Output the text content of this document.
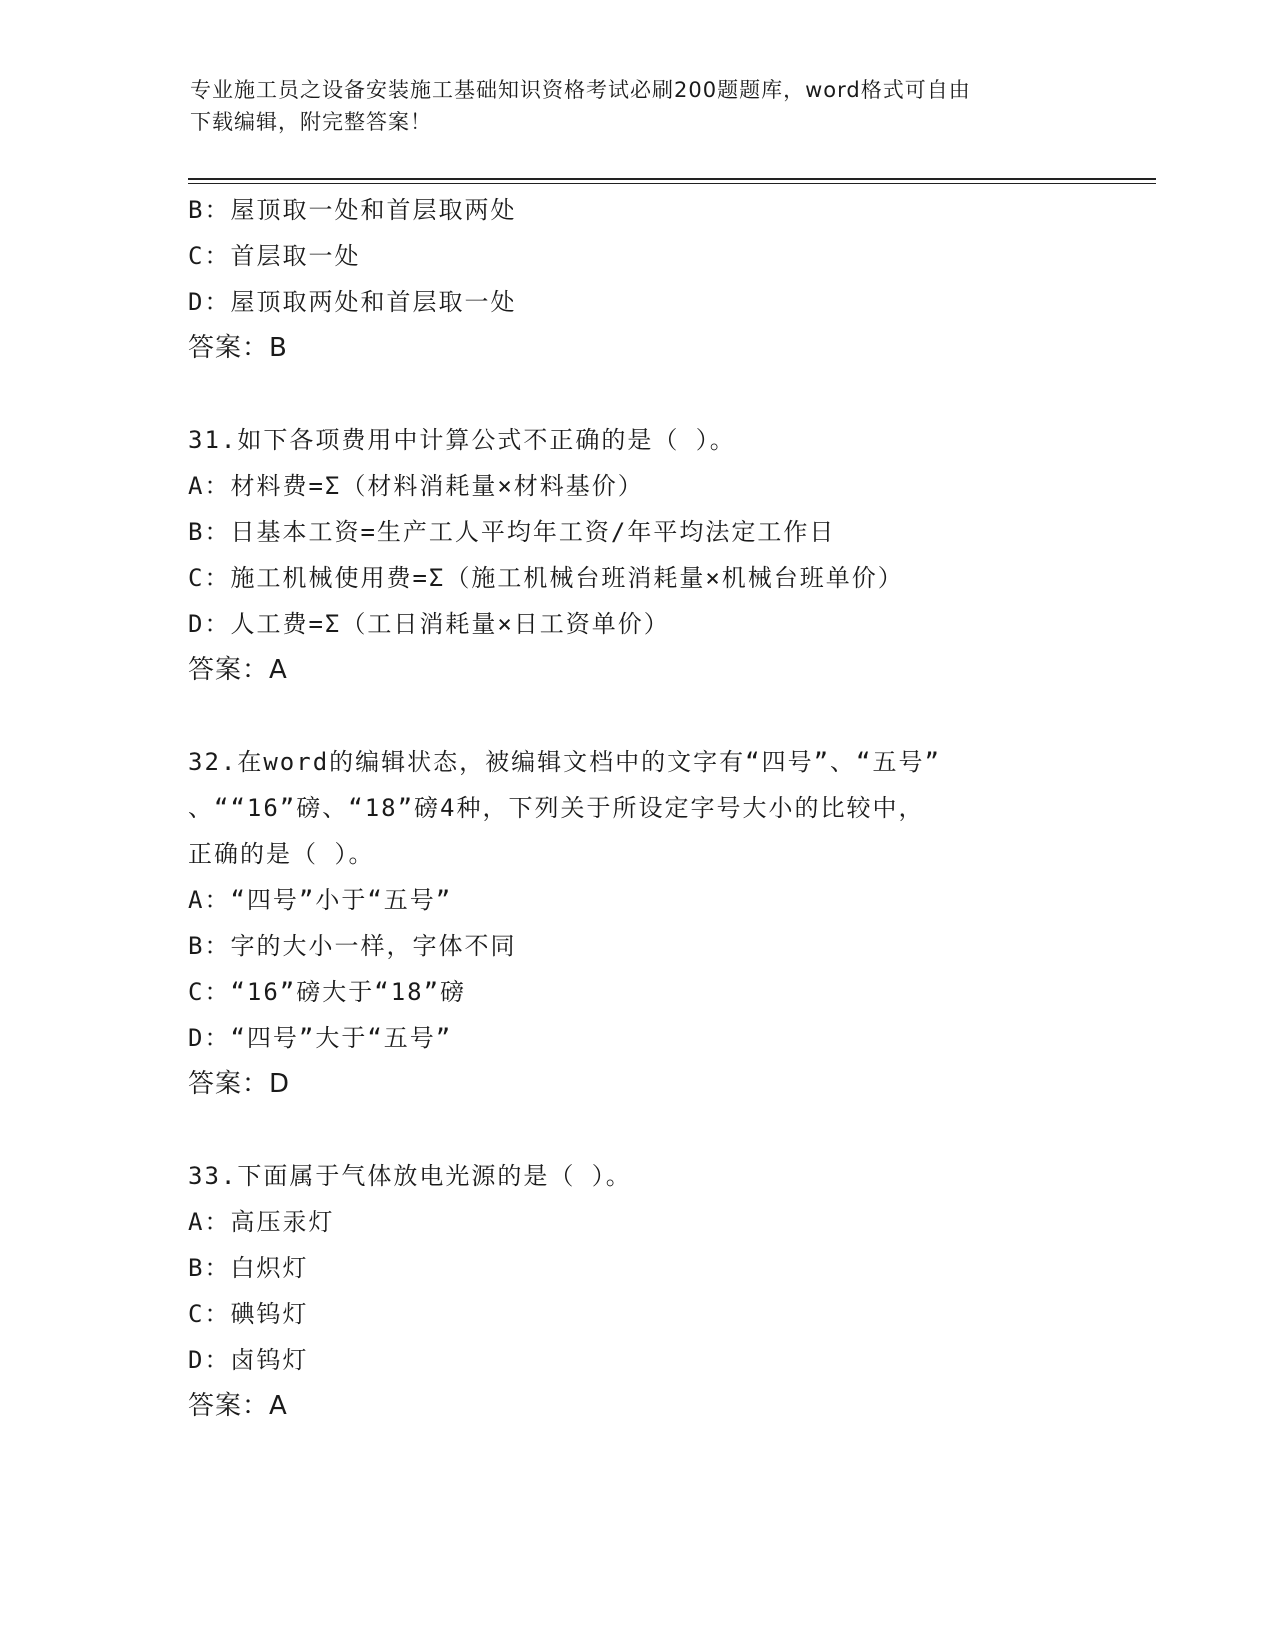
专业施工员之设备安装施工基础知识资格考试必刷200题题库，word格式可自由
下载编辑，附完整答案！
B：屋顶取一处和首层取两处
C：首层取一处
D：屋顶取两处和首层取一处
答案：B
31.如下各项费用中计算公式不正确的是（ ）。
A：材料费=Σ（材料消耗量×材料基价）
B：日基本工资=生产工人平均年工资/年平均法定工作日
C：施工机械使用费=Σ（施工机械台班消耗量×机械台班单价）
D：人工费=Σ（工日消耗量×日工资单价）
答案：A
32.在word的编辑状态，被编辑文档中的文字有“四号”、“五号”
、““16”磅、“18”磅4种，下列关于所设定字号大小的比较中，
正确的是（ ）。
A：“四号”小于“五号”
B：字的大小一样，字体不同
C：“16”磅大于“18”磅
D：“四号”大于“五号”
答案：D
33.下面属于气体放电光源的是（ ）。
A：高压汞灯
B：白炽灯
C：碘钨灯
D：卤钨灯
答案：A
